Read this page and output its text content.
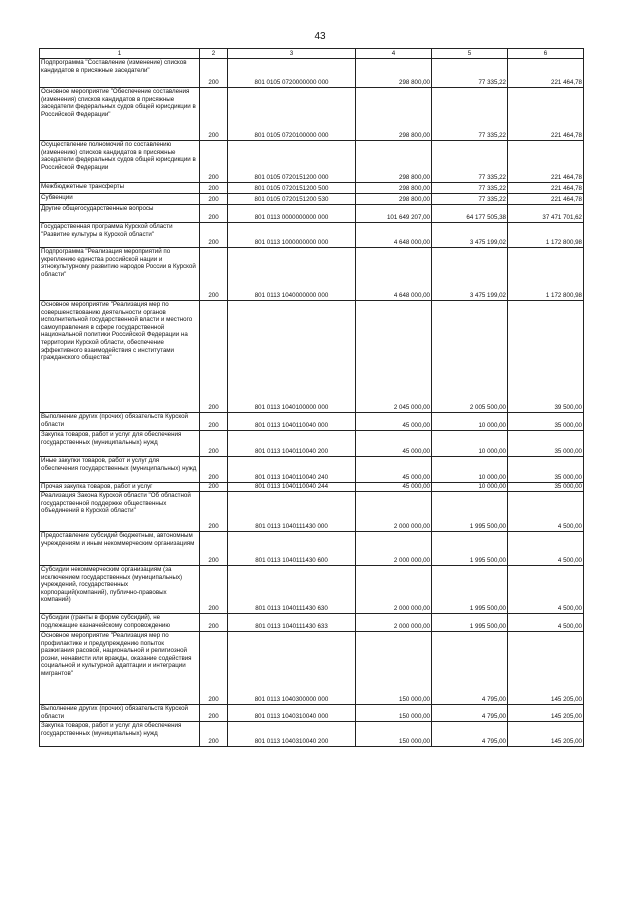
43
1	2	3	4	5	6
Подпрограмма "Составление (изменение) списков кандидатов в присяжные заседатели"	200	801 0105 0720000000 000	298 800,00	77 335,22	221 464,78
Основное мероприятие "Обеспечение составления (изменения) списков кандидатов в присяжные заседатели федеральных судов общей юрисдикции в Российской Федерации"	200	801 0105 0720100000 000	298 800,00	77 335,22	221 464,78
Осуществление полномочий по составлению (изменению) списков кандидатов в присяжные заседатели федеральных судов общей юрисдикции в Российской Федерации	200	801 0105 0720151200 000	298 800,00	77 335,22	221 464,78
Межбюджетные трансферты	200	801 0105 0720151200 500	298 800,00	77 335,22	221 464,78
Субвенции	200	801 0105 0720151200 530	298 800,00	77 335,22	221 464,78
Другие общегосударственные вопросы	200	801 0113 0000000000 000	101 649 207,00	64 177 505,38	37 471 701,62
Государственная программа Курской области "Развитие культуры в Курской области"	200	801 0113 1000000000 000	4 648 000,00	3 475 199,02	1 172 800,98
Подпрограмма "Реализация мероприятий по укреплению единства российской нации и этнокультурному развитию народов России в Курской области"	200	801 0113 1040000000 000	4 648 000,00	3 475 199,02	1 172 800,98
Основное мероприятие "Реализация мер по совершенствованию деятельности органов исполнительной государственной власти и местного самоуправления в сфере государственной национальной политики Российской Федерации на территории Курской области, обеспечение эффективного взаимодействия с институтами гражданского общества"	200	801 0113 1040100000 000	2 045 000,00	2 005 500,00	39 500,00
Выполнение других (прочих) обязательств Курской области	200	801 0113 1040110040 000	45 000,00	10 000,00	35 000,00
Закупка товаров, работ и услуг для обеспечения государственных (муниципальных) нужд	200	801 0113 1040110040 200	45 000,00	10 000,00	35 000,00
Иные закупки товаров, работ и услуг для обеспечения государственных (муниципальных) нужд	200	801 0113 1040110040 240	45 000,00	10 000,00	35 000,00
Прочая закупка товаров, работ и услуг	200	801 0113 1040110040 244	45 000,00	10 000,00	35 000,00
Реализация Закона Курской области "Об областной государственной поддержке общественных объединений в Курской области"	200	801 0113 1040111430 000	2 000 000,00	1 995 500,00	4 500,00
Предоставление субсидий бюджетным, автономным учреждениям и иным некоммерческим организациям	200	801 0113 1040111430 600	2 000 000,00	1 995 500,00	4 500,00
Субсидии некоммерческим организациям (за исключением государственных (муниципальных) учреждений, государственных корпораций(компаний), публично-правовых компаний)	200	801 0113 1040111430 630	2 000 000,00	1 995 500,00	4 500,00
Субсидии (гранты в форме субсидий), не подлежащие казначейскому сопровождению	200	801 0113 1040111430 633	2 000 000,00	1 995 500,00	4 500,00
Основное мероприятие "Реализация мер по профилактике и предупреждению попыток разжигания расовой, национальной и религиозной розни, ненависти или вражды, оказание содействия социальной и культурной адаптации и интеграции мигрантов"	200	801 0113 1040300000 000	150 000,00	4 795,00	145 205,00
Выполнение других (прочих) обязательств Курской области	200	801 0113 1040310040 000	150 000,00	4 795,00	145 205,00
Закупка товаров, работ и услуг для обеспечения государственных (муниципальных) нужд	200	801 0113 1040310040 200	150 000,00	4 795,00	145 205,00
